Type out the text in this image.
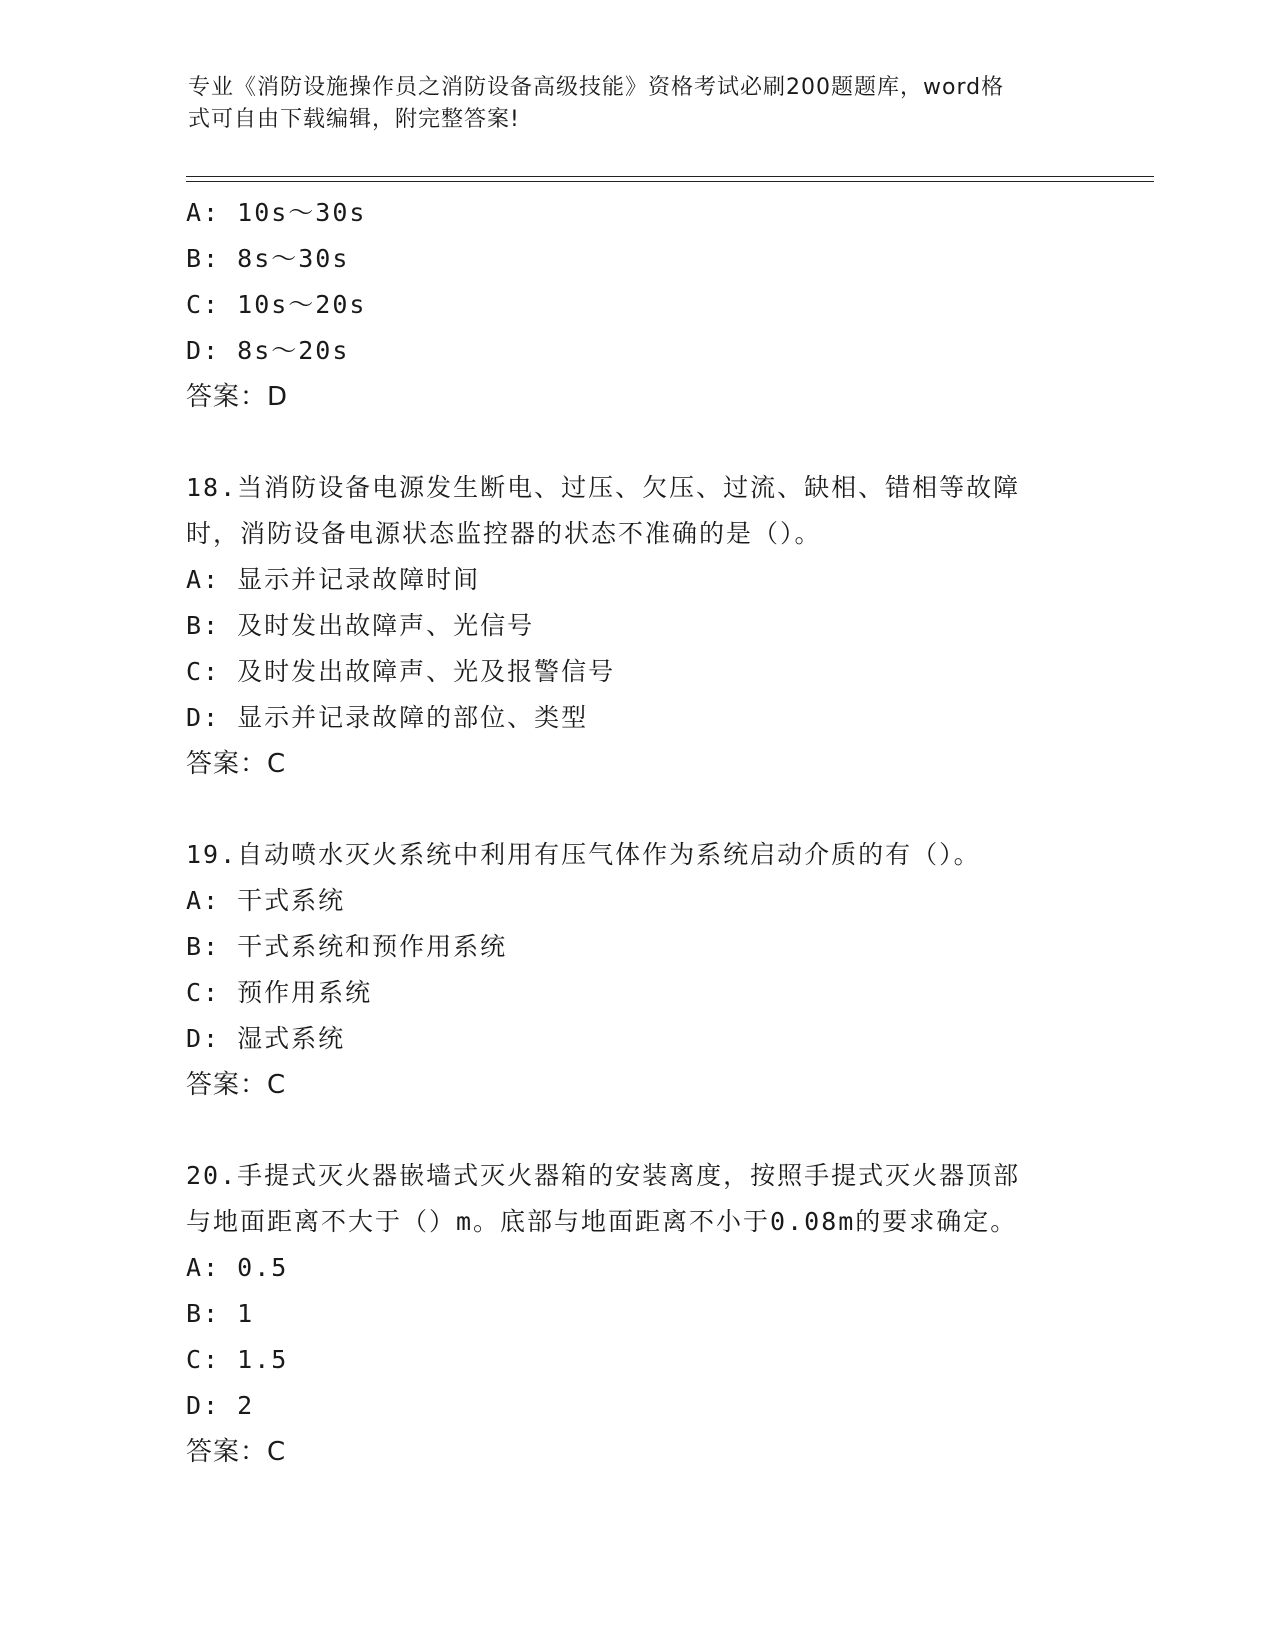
专业《消防设施操作员之消防设备高级技能》资格考试必刷200题题库，word格
式可自由下载编辑，附完整答案!
A: 10s～30s
B: 8s～30s
C: 10s～20s
D: 8s～20s
答案：D
18.当消防设备电源发生断电、过压、欠压、过流、缺相、错相等故障
时，消防设备电源状态监控器的状态不准确的是（）。
A: 显示并记录故障时间
B: 及时发出故障声、光信号
C: 及时发出故障声、光及报警信号
D: 显示并记录故障的部位、类型
答案：C
19.自动喷水灭火系统中利用有压气体作为系统启动介质的有（）。
A: 干式系统
B: 干式系统和预作用系统
C: 预作用系统
D: 湿式系统
答案：C
20.手提式灭火器嵌墙式灭火器箱的安装离度，按照手提式灭火器顶部
与地面距离不大于（）m。底部与地面距离不小于0.08m的要求确定。
A: 0.5
B: 1
C: 1.5
D: 2
答案：C
